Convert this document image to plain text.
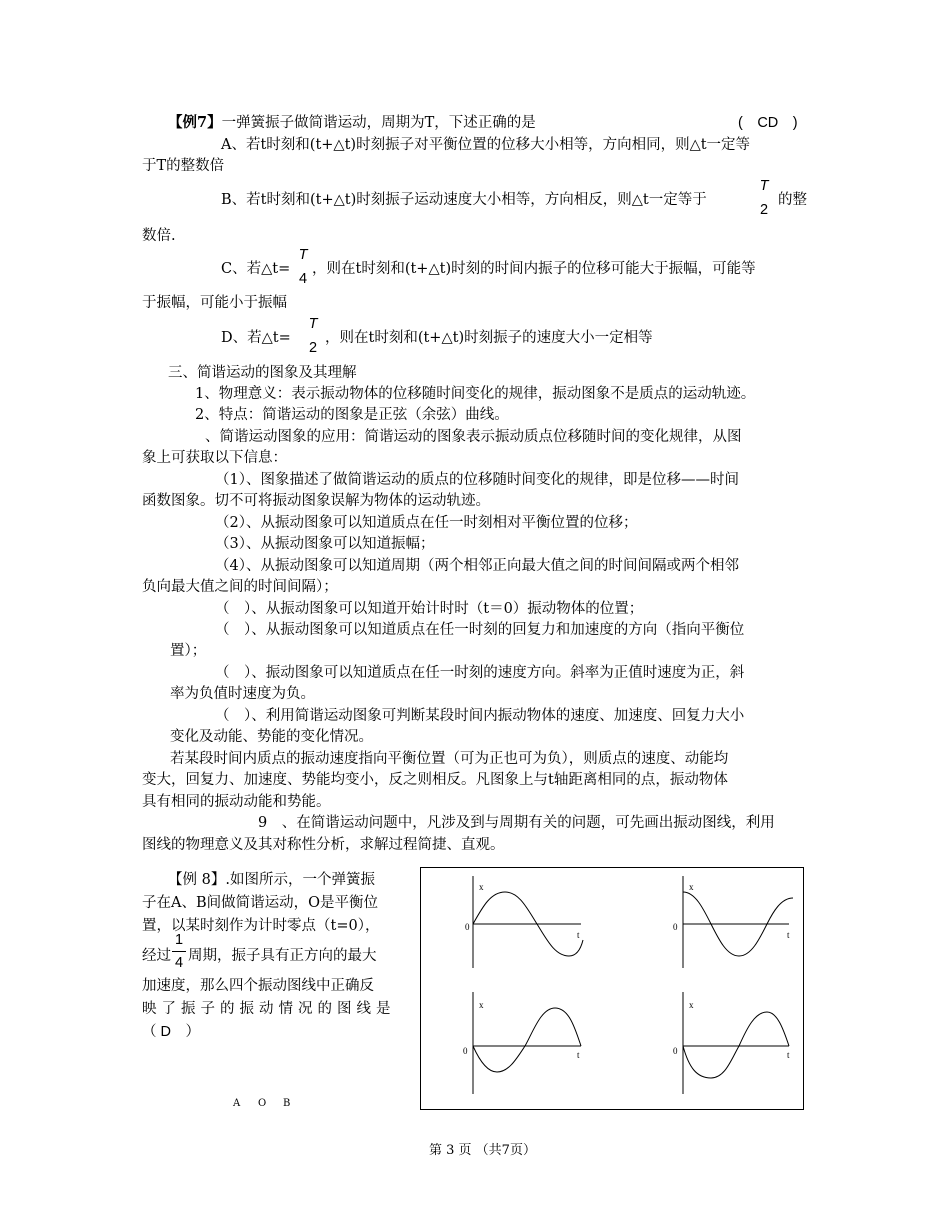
【例7】一弹簧振子做简谐运动，周期为T，下述正确的是	(　CD　)
A、若t时刻和(t+△t)时刻振子对平衡位置的位移大小相等，方向相同，则△t一定等
于T的整数倍
B、若t时刻和(t+△t)时刻振子运动速度大小相等，方向相反，则△t一定等于
T
2
的整
数倍.
C、若△t=
T
4
，则在t时刻和(t+△t)时刻的时间内振子的位移可能大于振幅，可能等
于振幅，可能小于振幅
D、若△t=
T
2
，则在t时刻和(t+△t)时刻振子的速度大小一定相等
三、简谐运动的图象及其理解
1、物理意义：表示振动物体的位移随时间变化的规律，振动图象不是质点的运动轨迹。
2、特点：简谐运动的图象是正弦（余弦）曲线。
、简谐运动图象的应用：简谐运动的图象表示振动质点位移随时间的变化规律，从图
象上可获取以下信息：
（1）、图象描述了做简谐运动的质点的位移随时间变化的规律，即是位移——时间
函数图象。切不可将振动图象误解为物体的运动轨迹。
（2）、从振动图象可以知道质点在任一时刻相对平衡位置的位移；
（3）、从振动图象可以知道振幅；
（4）、从振动图象可以知道周期（两个相邻正向最大值之间的时间间隔或两个相邻
负向最大值之间的时间间隔）；
（　）、从振动图象可以知道开始计时时（t＝0）振动物体的位置；
（　）、从振动图象可以知道质点在任一时刻的回复力和加速度的方向（指向平衡位
置）；
（　）、振动图象可以知道质点在任一时刻的速度方向。斜率为正值时速度为正，斜
率为负值时速度为负。
（　）、利用简谐运动图象可判断某段时间内振动物体的速度、加速度、回复力大小
变化及动能、势能的变化情况。
若某段时间内质点的振动速度指向平衡位置（可为正也可为负），则质点的速度、动能均
变大，回复力、加速度、势能均变小，反之则相反。凡图象上与t轴距离相同的点，振动物体
具有相同的振动动能和势能。
9　、在简谐运动问题中，凡涉及到与周期有关的问题，可先画出振动图线，利用
图线的物理意义及其对称性分析，求解过程简捷、直观。
【例 8】.如图所示，一个弹簧振
子在A、B间做简谐运动，O是平衡位
置，以某时刻作为计时零点（t=0），
经过
1
4 周期，振子具有正方向的最大
加速度，那么四个振动图线中正确反
映了振子的振动情况的图线是
（ D　）
A O B
x
0
t
x
0
t
x
0	t
x
0	t
第 3 页 （共7页）
